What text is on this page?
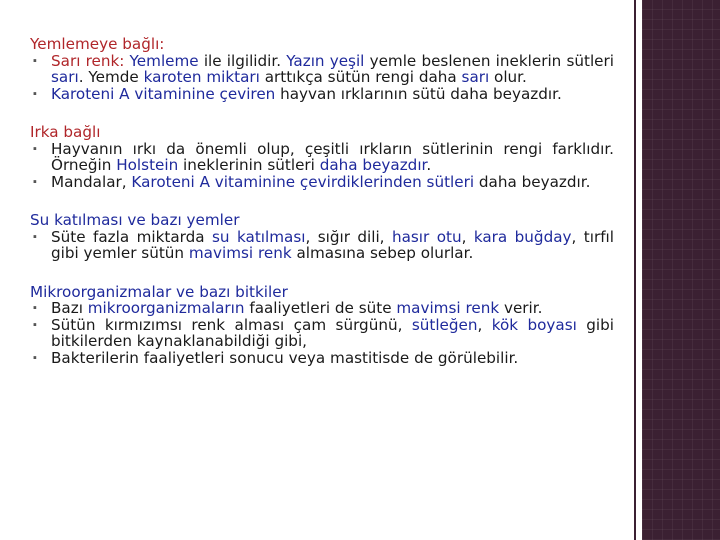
Yemlemeye bağlı:

· Sarı renk: Yemleme ile ilgilidir. Yazın yeşil yemle beslenen ineklerin sütleri sarı. Yemde karoten miktarı arttıkça sütün rengi daha sarı olur.
· Karoteni A vitaminine çeviren hayvan ırklarının sütü daha beyazdır.

Irka bağlı

· Hayvanın ırkı da önemli olup, çeşitli ırkların sütlerinin rengi farklıdır. Örneğin Holstein ineklerinin sütleri daha beyazdır.
· Mandalar, Karoteni A vitaminine çevirdiklerinden sütleri daha beyazdır.

Su katılması ve bazı yemler

· Süte fazla miktarda su katılması, sığır dili, hasır otu, kara buğday, tırfıl gibi yemler sütün mavimsi renk almasına sebep olurlar.

Mikroorganizmalar ve bazı bitkiler

· Bazı mikroorganizmaların faaliyetleri de süte mavimsi renk verir.
· Sütün kırmızımsı renk alması çam sürgünü, sütleğen, kök boyası gibi bitkilerden kaynaklanabildiği gibi,
· Bakterilerin faaliyetleri sonucu veya mastitisde de görülebilir.
